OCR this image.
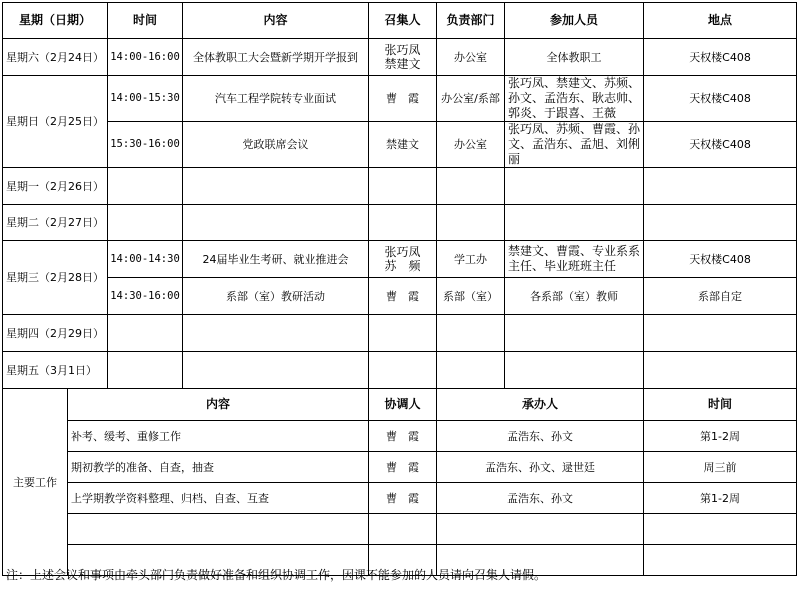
星期（日期）		时间	内容	召集人	负责部门	参加人员	地点
星期六（2月24日）		14:00-16:00	全体教职工大会暨新学期开学报到	张巧凤
禁建文	办公室	全体教职工	天权楼C408
星期日（2月25日）		14:00-15:30	汽车工程学院转专业面试	曹　霞	办公室/系部	张巧凤、禁建文、苏频、孙文、孟浩东、耿志帅、郭炎、于跟喜、王薇	天权楼C408
		15:30-16:00	党政联席会议	禁建文	办公室	张巧凤、苏频、曹霞、孙文、孟浩东、孟旭、刘俐丽	天权楼C408
星期一（2月26日）							
星期二（2月27日）							
星期三（2月28日）		14:00-14:30	24届毕业生考研、就业推进会	张巧凤
苏　频	学工办	禁建文、曹霞、专业系系主任、毕业班班主任	天权楼C408
		14:30-16:00	系部（室）教研活动	曹　霞	系部（室）	各系部（室）教师	系部自定
星期四（2月29日）							
星期五（3月1日）							
主要工作	内容			协调人	承办人		时间
	补考、缓考、重修工作			曹　霞	孟浩东、孙文		第1-2周
	期初教学的准备、自查，抽查			曹　霞	孟浩东、孙文、逯世廷		周三前
	上学期教学资料整理、归档、自查、互查			曹　霞	孟浩东、孙文		第1-2周

注：上述会议和事项由牵头部门负责做好准备和组织协调工作，因课不能参加的人员请向召集人请假。
